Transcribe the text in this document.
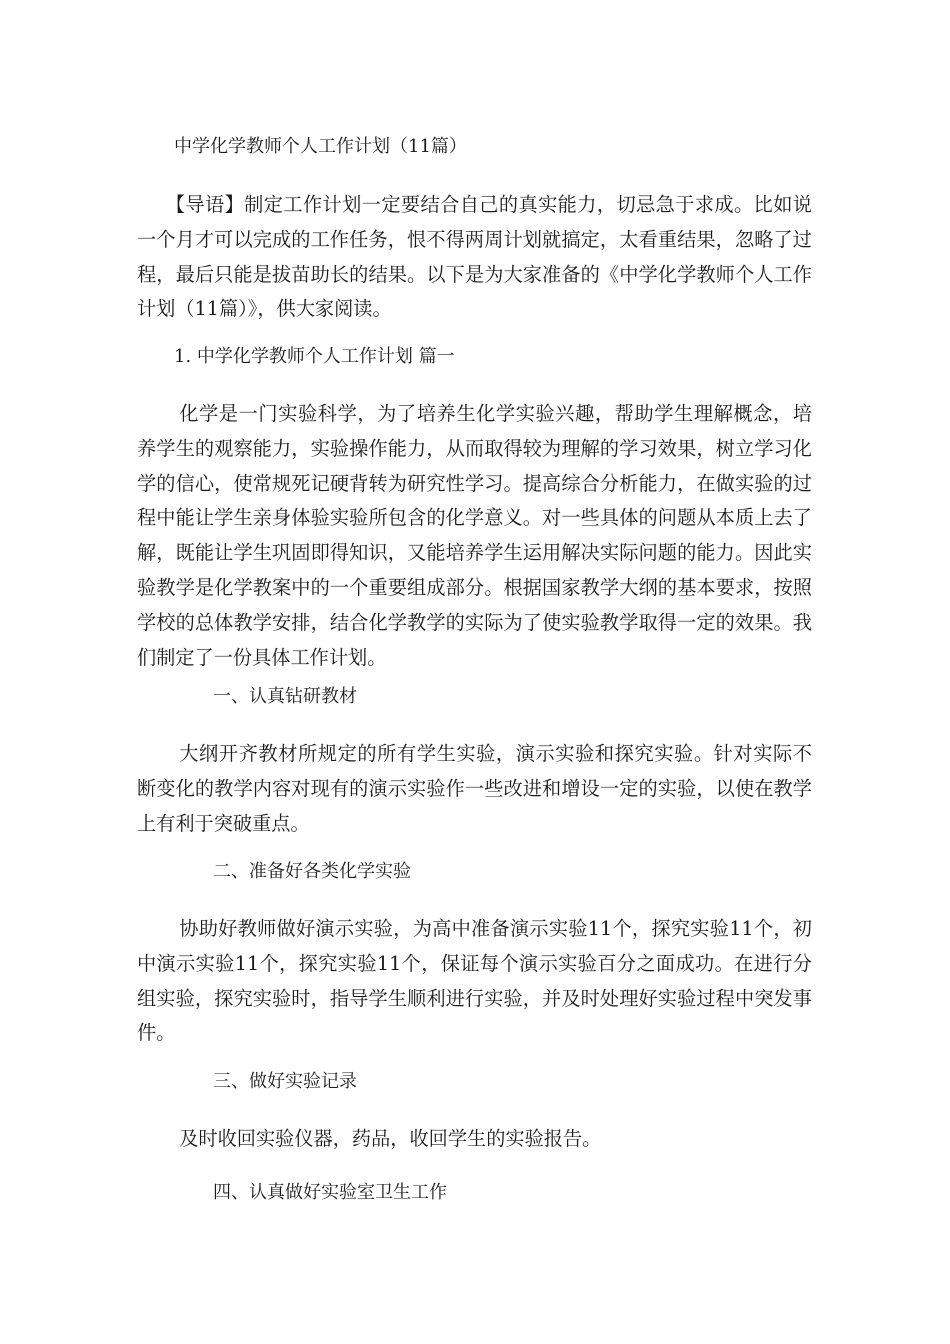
中学化学教师个人工作计划（11篇）
【导语】制定工作计划一定要结合自己的真实能力，切忌急于求成。比如说一个月才可以完成的工作任务，恨不得两周计划就搞定，太看重结果，忽略了过程，最后只能是拔苗助长的结果。以下是为大家准备的《中学化学教师个人工作计划（11篇）》，供大家阅读。
1. 中学化学教师个人工作计划 篇一
化学是一门实验科学，为了培养生化学实验兴趣，帮助学生理解概念，培养学生的观察能力，实验操作能力，从而取得较为理解的学习效果，树立学习化学的信心，使常规死记硬背转为研究性学习。提高综合分析能力，在做实验的过程中能让学生亲身体验实验所包含的化学意义。对一些具体的问题从本质上去了解，既能让学生巩固即得知识，又能培养学生运用解决实际问题的能力。因此实验教学是化学教案中的一个重要组成部分。根据国家教学大纲的基本要求，按照学校的总体教学安排，结合化学教学的实际为了使实验教学取得一定的效果。我们制定了一份具体工作计划。
一、认真钻研教材
大纲开齐教材所规定的所有学生实验，演示实验和探究实验。针对实际不断变化的教学内容对现有的演示实验作一些改进和增设一定的实验，以使在教学上有利于突破重点。
二、准备好各类化学实验
协助好教师做好演示实验，为高中准备演示实验11个，探究实验11个，初中演示实验11个，探究实验11个，保证每个演示实验百分之面成功。在进行分组实验，探究实验时，指导学生顺利进行实验，并及时处理好实验过程中突发事件。
三、做好实验记录
及时收回实验仪器，药品，收回学生的实验报告。
四、认真做好实验室卫生工作
